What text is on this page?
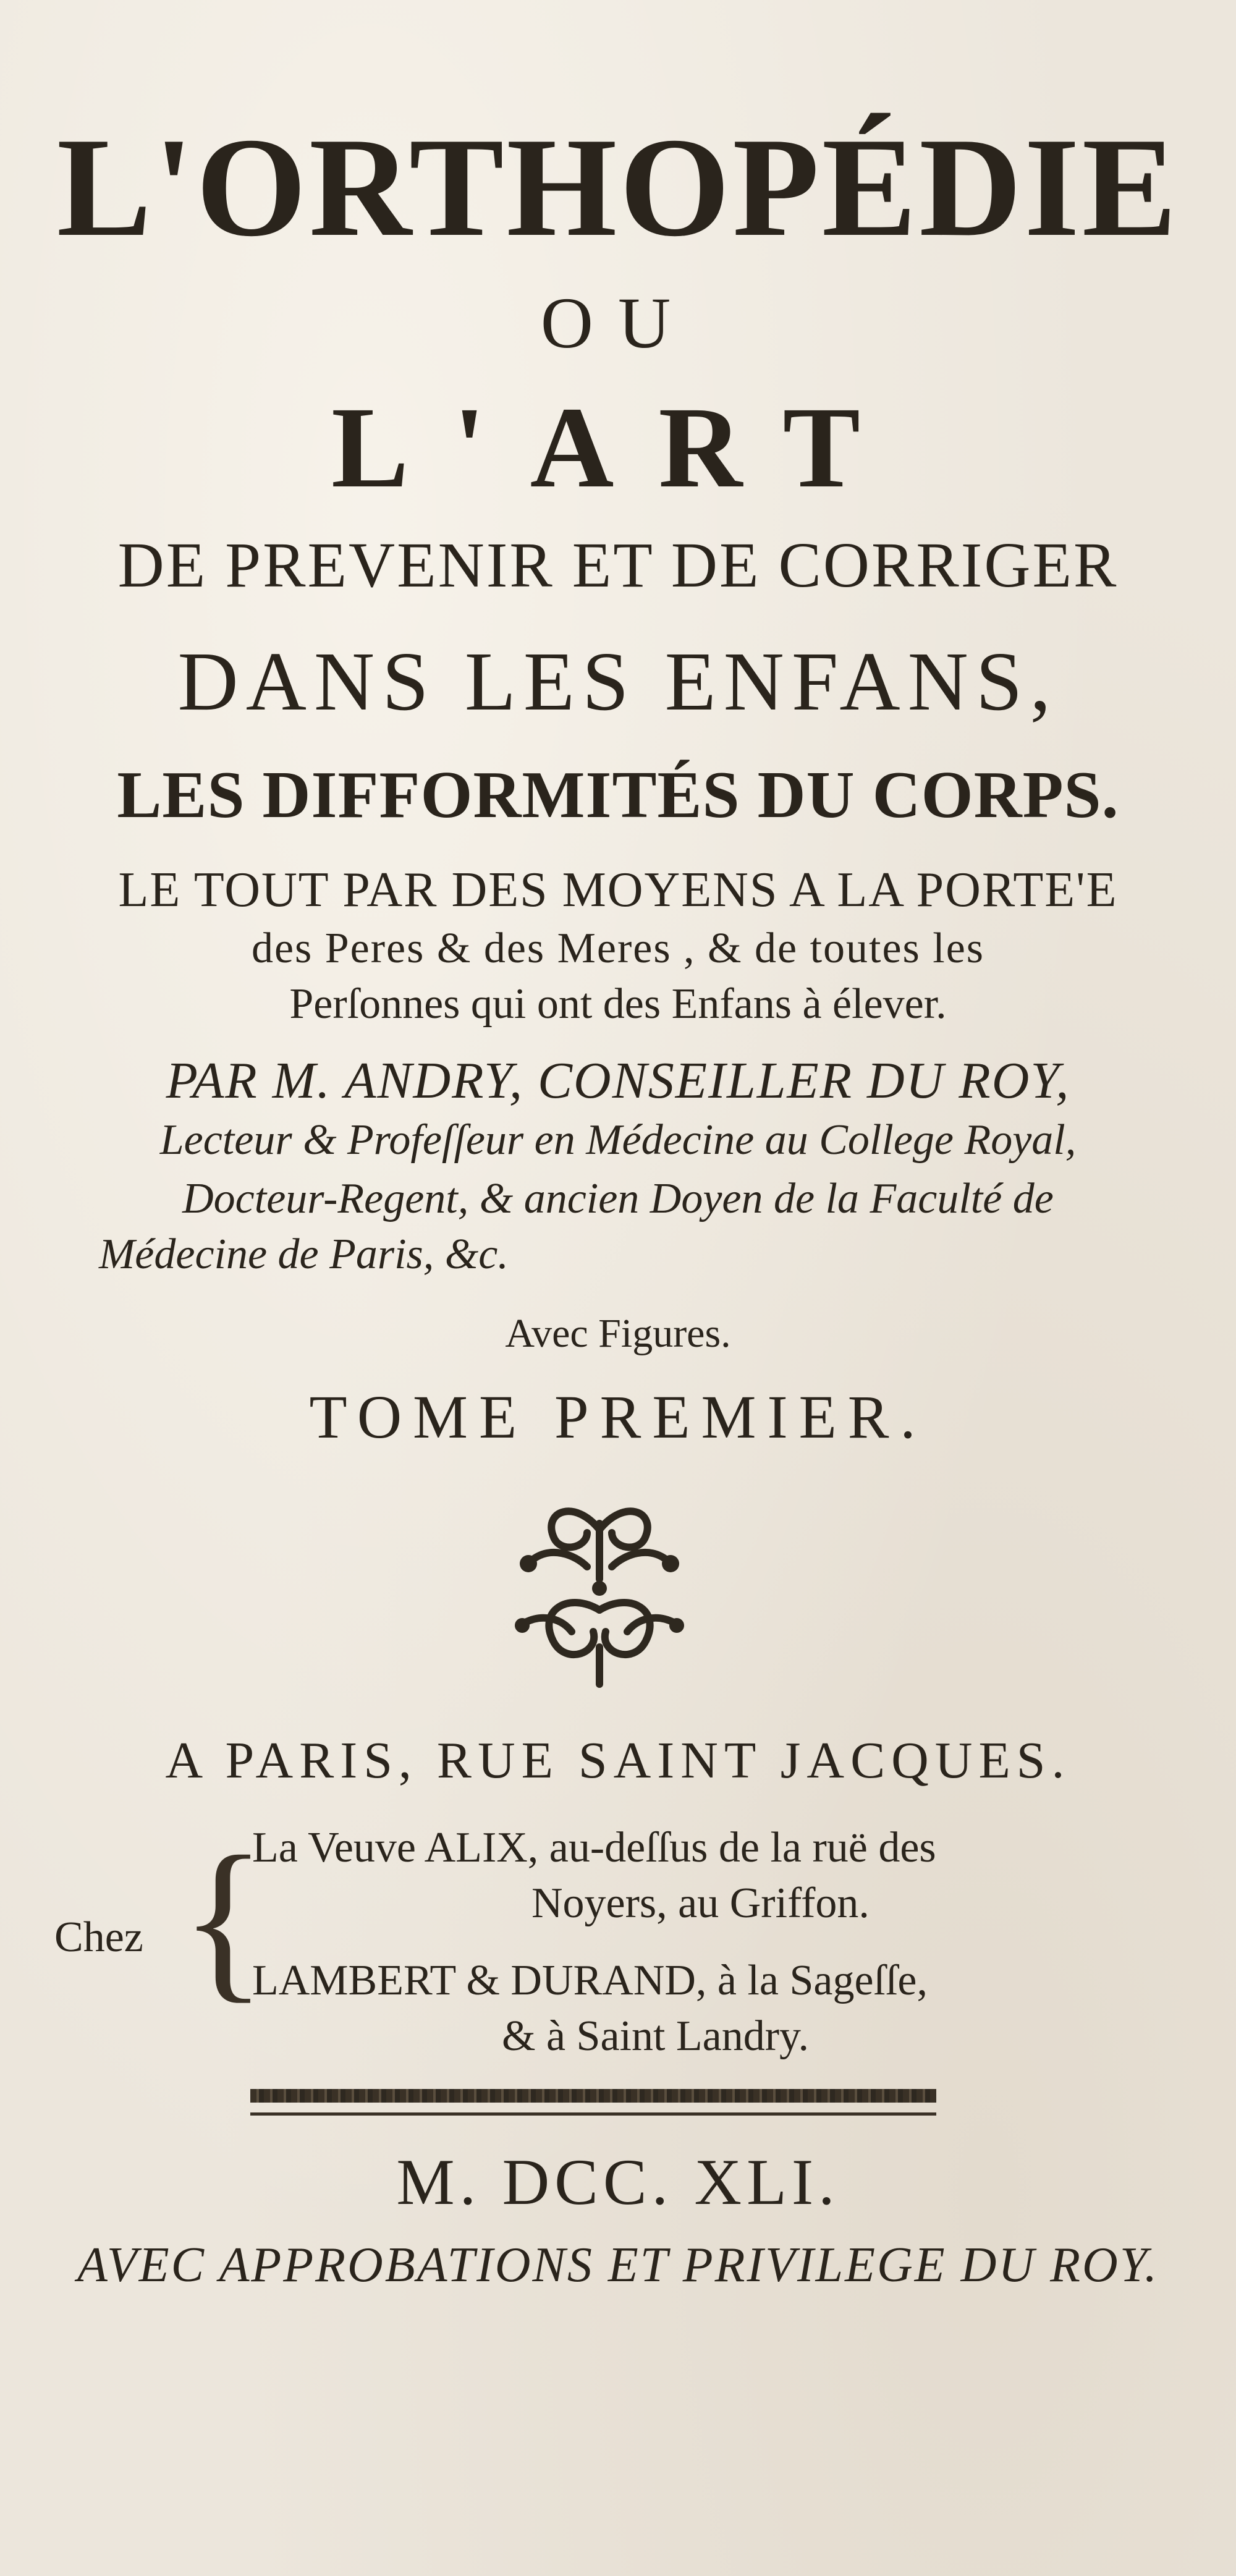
L'ORTHOPÉDIE
OU
L'ART
DE PREVENIR ET DE CORRIGER
DANS LES ENFANS,
LES DIFFORMITÉS DU CORPS.
LE TOUT PAR DES MOYENS A LA PORTE'E
des Peres & des Meres , & de toutes les
Perſonnes qui ont des Enfans à élever.
PAR M. ANDRY, CONSEILLER DU ROY,
Lecteur & Profeſſeur en Médecine au College Royal,
Docteur-Regent, & ancien Doyen de la Faculté de
Médecine de Paris, &c.
Avec Figures.
TOME PREMIER.
A PARIS, RUE SAINT JACQUES.
Chez {
La Veuve ALIX, au-deſſus de la ruë des
Noyers, au Griffon.
LAMBERT & DURAND, à la Sageſſe,
& à Saint Landry.
M. DCC. XLI.
AVEC APPROBATIONS ET PRIVILEGE DU ROY.
